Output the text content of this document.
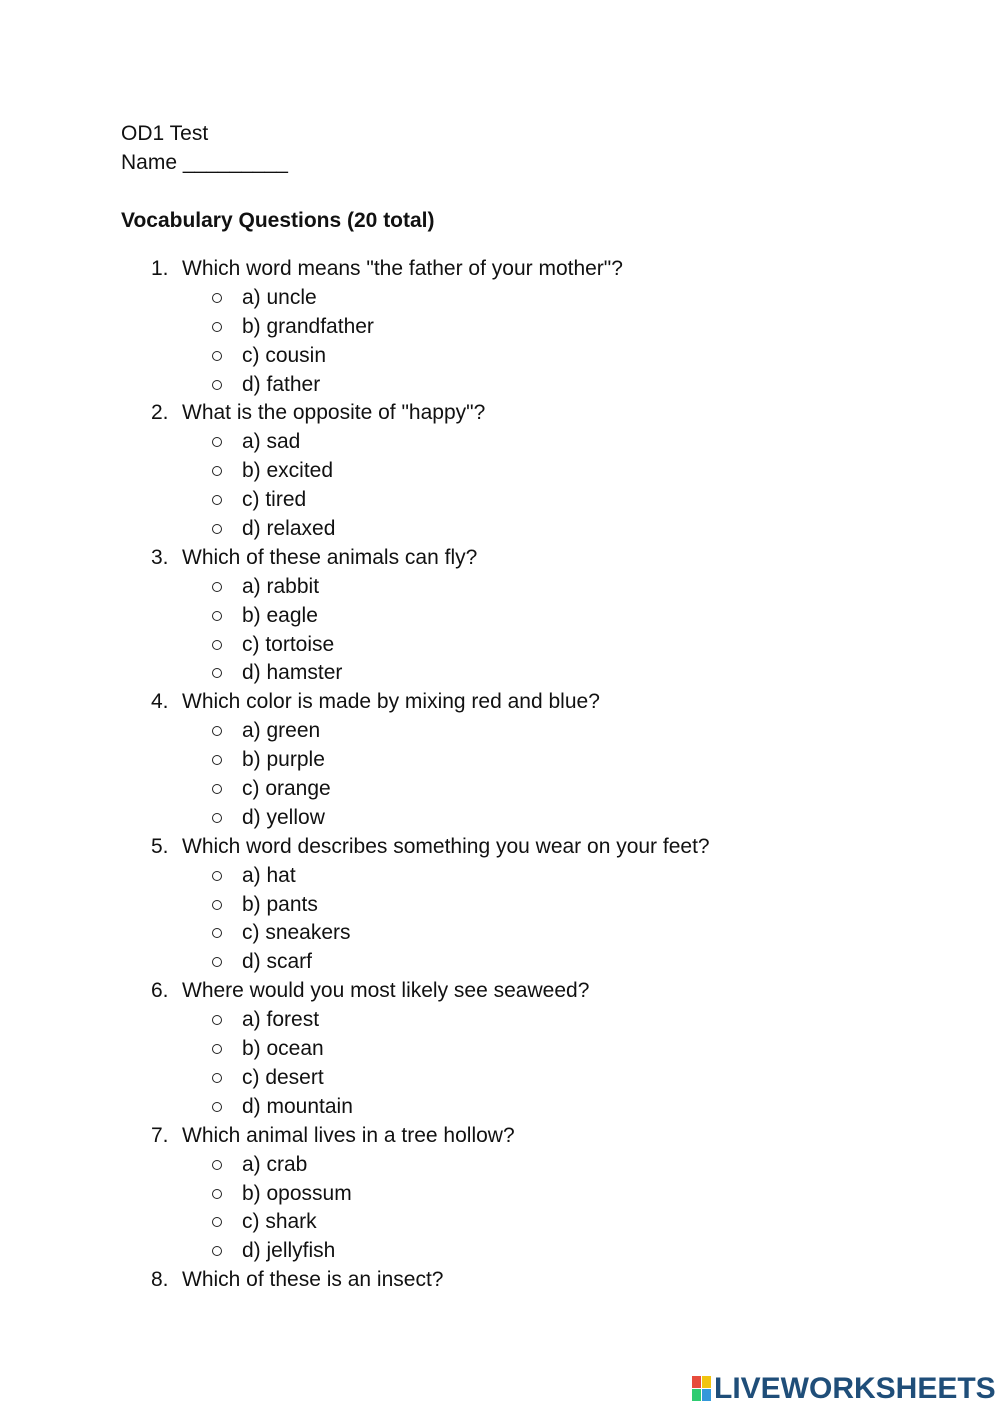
OD1 Test
Name _________
Vocabulary Questions (20 total)
1. Which word means "the father of your mother"?
a) uncle
b) grandfather
c) cousin
d) father
2. What is the opposite of "happy"?
a) sad
b) excited
c) tired
d) relaxed
3. Which of these animals can fly?
a) rabbit
b) eagle
c) tortoise
d) hamster
4. Which color is made by mixing red and blue?
a) green
b) purple
c) orange
d) yellow
5. Which word describes something you wear on your feet?
a) hat
b) pants
c) sneakers
d) scarf
6. Where would you most likely see seaweed?
a) forest
b) ocean
c) desert
d) mountain
7. Which animal lives in a tree hollow?
a) crab
b) opossum
c) shark
d) jellyfish
8. Which of these is an insect?
LIVEWORKSHEETS
